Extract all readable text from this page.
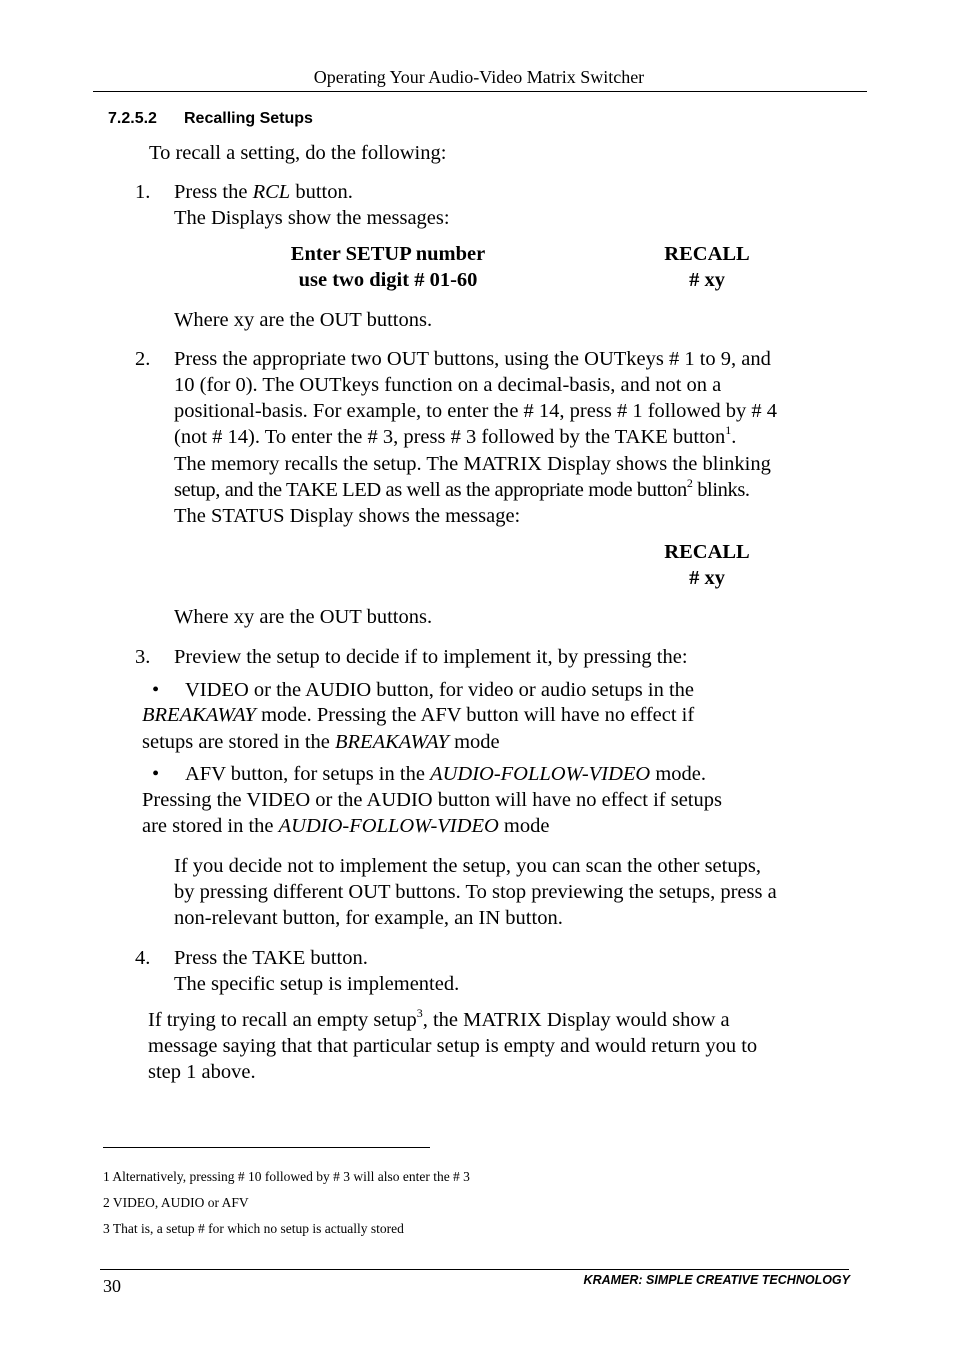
Operating Your Audio-Video Matrix Switcher
7.2.5.2 Recalling Setups
To recall a setting, do the following:
1. Press the RCL button.
The Displays show the messages:
Enter SETUP number
use two digit # 01-60
RECALL
# xy
Where xy are the OUT buttons.
2. Press the appropriate two OUT buttons, using the OUTkeys # 1 to 9, and
10 (for 0). The OUTkeys function on a decimal-basis, and not on a
positional-basis. For example, to enter the # 14, press # 1 followed by # 4
(not # 14). To enter the # 3, press # 3 followed by the TAKE button$^1$.
The memory recalls the setup. The MATRIX Display shows the blinking
setup, and the TAKE LED as well as the appropriate mode button$^2$ blinks.
The STATUS Display shows the message:
RECALL
# xy
Where xy are the OUT buttons.
3. Preview the setup to decide if to implement it, by pressing the:
• VIDEO or the AUDIO button, for video or audio setups in the
BREAKAWAY mode. Pressing the AFV button will have no effect if
setups are stored in the BREAKAWAY mode
• AFV button, for setups in the AUDIO-FOLLOW-VIDEO mode.
Pressing the VIDEO or the AUDIO button will have no effect if setups
are stored in the AUDIO-FOLLOW-VIDEO mode
If you decide not to implement the setup, you can scan the other setups,
by pressing different OUT buttons. To stop previewing the setups, press a
non-relevant button, for example, an IN button.
4. Press the TAKE button.
The specific setup is implemented.
If trying to recall an empty setup$^3$, the MATRIX Display would show a
message saying that that particular setup is empty and would return you to
step 1 above.
1 Alternatively, pressing # 10 followed by # 3 will also enter the # 3
2 VIDEO, AUDIO or AFV
3 That is, a setup # for which no setup is actually stored
30	KRAMER: SIMPLE CREATIVE TECHNOLOGY
